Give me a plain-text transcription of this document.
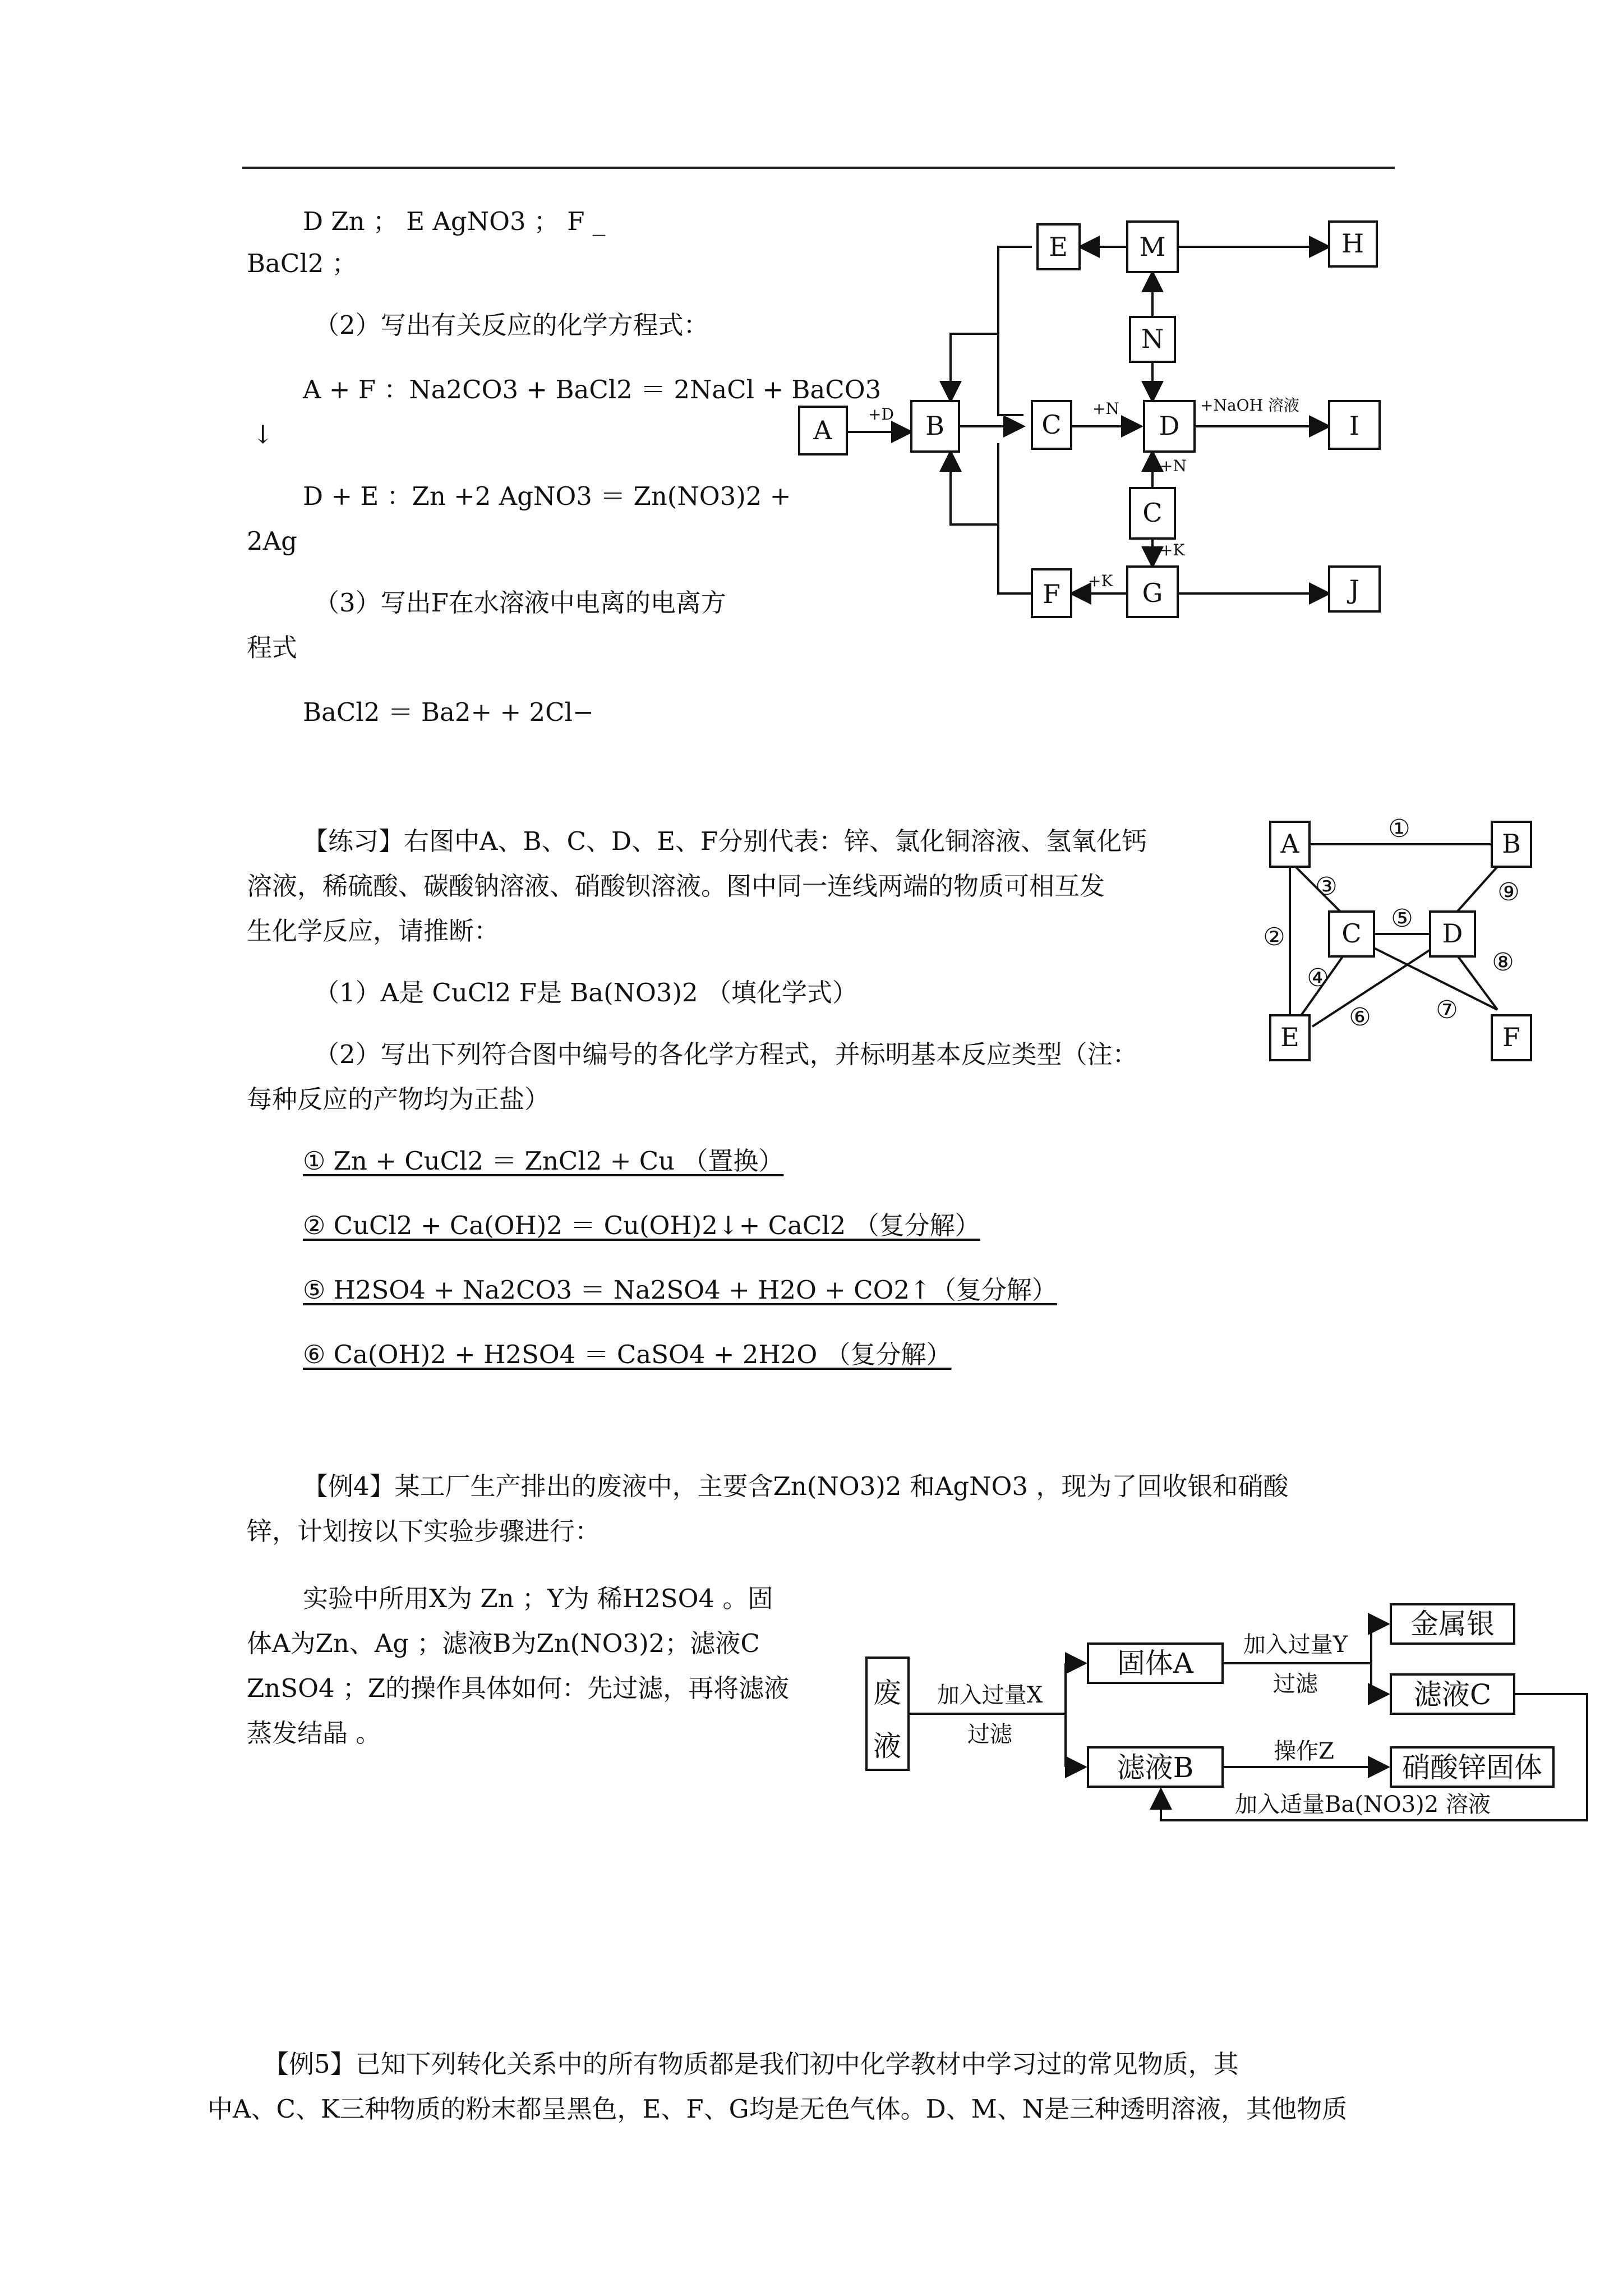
D Zn ； E AgNO3 ； F _
BaCl2 ；
（2）写出有关反应的化学方程式：
A + F ：Na2CO3 + BaCl2 ＝ 2NaCl + BaCO3
↓
D + E ：Zn +2 AgNO3 ＝ Zn(NO3)2 +
2Ag
（3）写出F在水溶液中电离的电离方
程式
BaCl2 ＝ Ba2+ + 2Cl−
A	B	C	D
E	M	H
N
I
C
F	G	J
+D	+N	+NaOH 溶液
+N
+K
+K
【练习】右图中A、B、C、D、E、F分别代表：锌、氯化铜溶液、氢氧化钙
溶液，稀硫酸、碳酸钠溶液、硝酸钡溶液。图中同一连线两端的物质可相互发
生化学反应，请推断：
（1）A是 CuCl2 F是 Ba(NO3)2 （填化学式）
（2）写出下列符合图中编号的各化学方程式，并标明基本反应类型（注：
每种反应的产物均为正盐）
① Zn + CuCl2 ＝ ZnCl2 + Cu （置换）
② CuCl2 + Ca(OH)2 ＝ Cu(OH)2↓+ CaCl2 （复分解）
⑤ H2SO4 + Na2CO3 ＝ Na2SO4 + H2O + CO2↑（复分解）
⑥ Ca(OH)2 + H2SO4 ＝ CaSO4 + 2H2O （复分解）
A	B
C	D
E	F
①
②
③
④
⑤
⑥	⑦
⑧
⑨
【例4】某工厂生产排出的废液中，主要含Zn(NO3)2 和AgNO3 ，现为了回收银和硝酸
锌，计划按以下实验步骤进行：
实验中所用X为 Zn ；Y为 稀H2SO4 。固
体A为Zn、Ag ；滤液B为Zn(NO3)2；滤液C
ZnSO4 ；Z的操作具体如何：先过滤，再将滤液
蒸发结晶 。
废
液
固体A
滤液B
金属银
滤液C
硝酸锌固体
加入过量X
过滤
加入过量Y
过滤
操作Z
加入适量Ba(NO3)2 溶液
【例5】已知下列转化关系中的所有物质都是我们初中化学教材中学习过的常见物质，其
中A、C、K三种物质的粉末都呈黑色，E、F、G均是无色气体。D、M、N是三种透明溶液，其他物质
